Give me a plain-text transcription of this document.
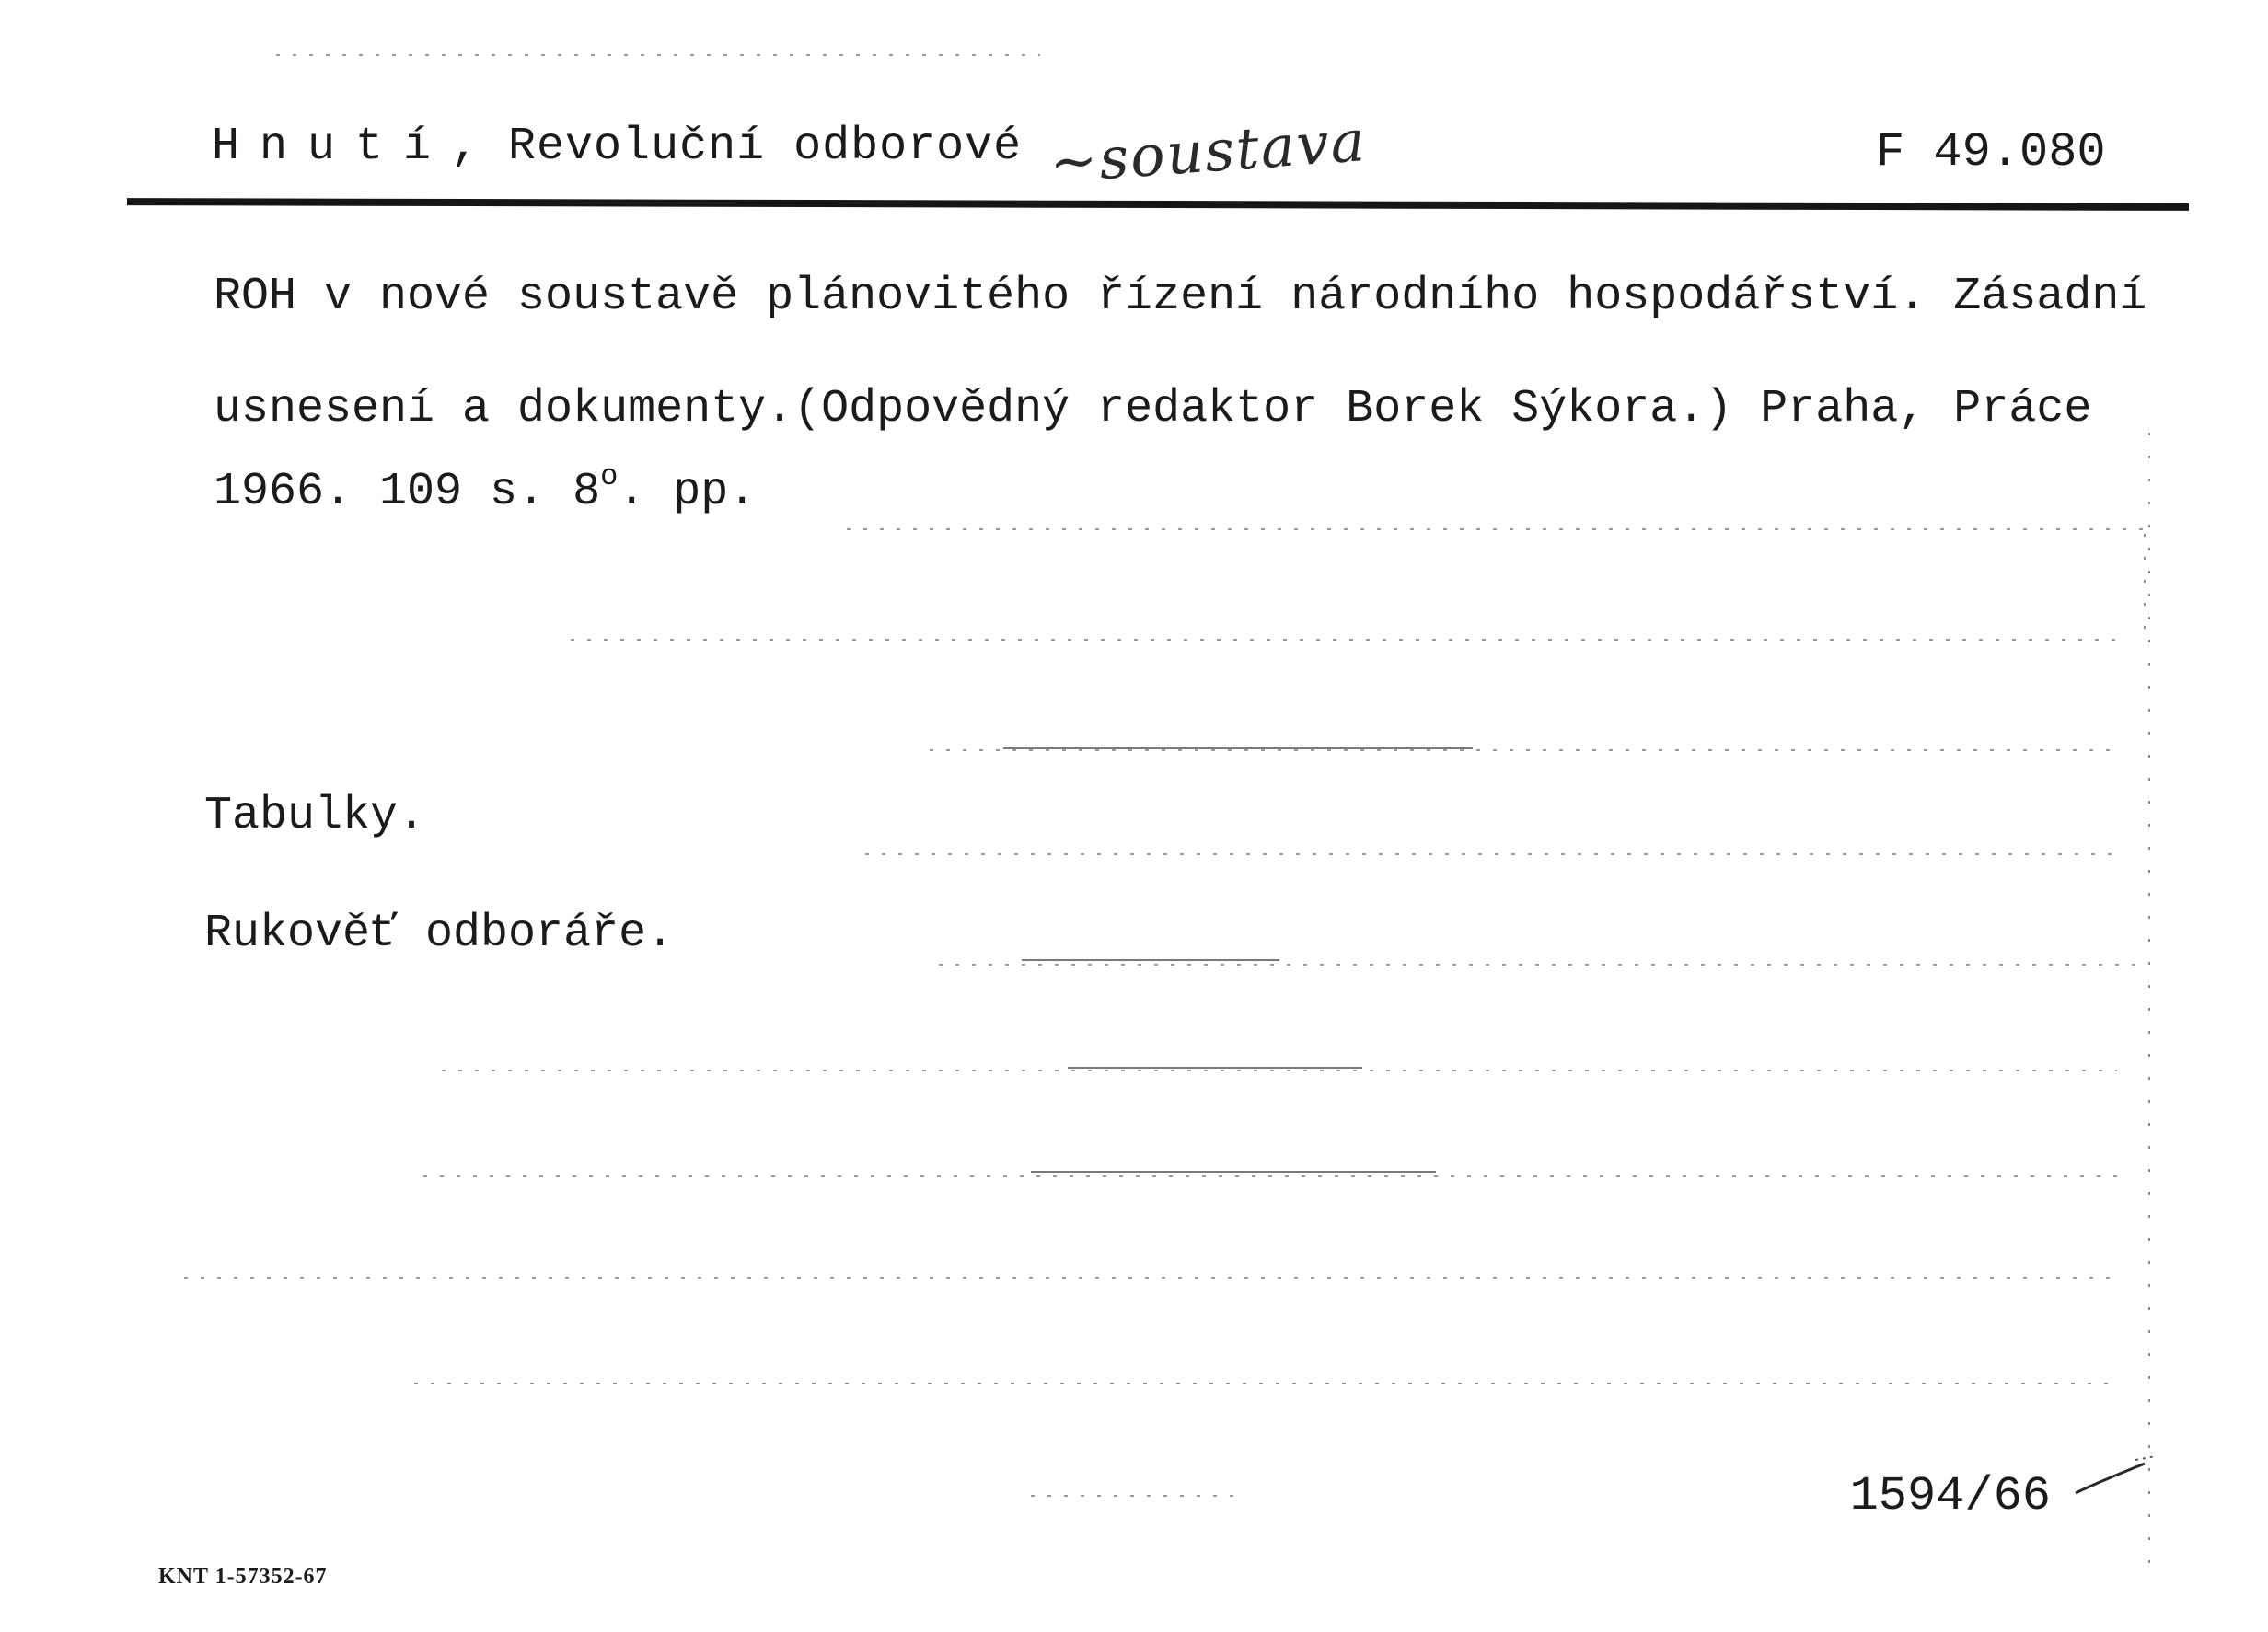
Hnutí, Revoluční odborové ~soustava	F 49.080
ROH v nové soustavě plánovitého řízení národního hospodářství. Zásadní
usnesení a dokumenty.(Odpovědný redaktor Borek Sýkora.) Praha, Práce
1966. 109 s. 8$^o$. pp.
Tabulky.
Rukověť odboráře.
1594/66
KNT 1-57352-67
